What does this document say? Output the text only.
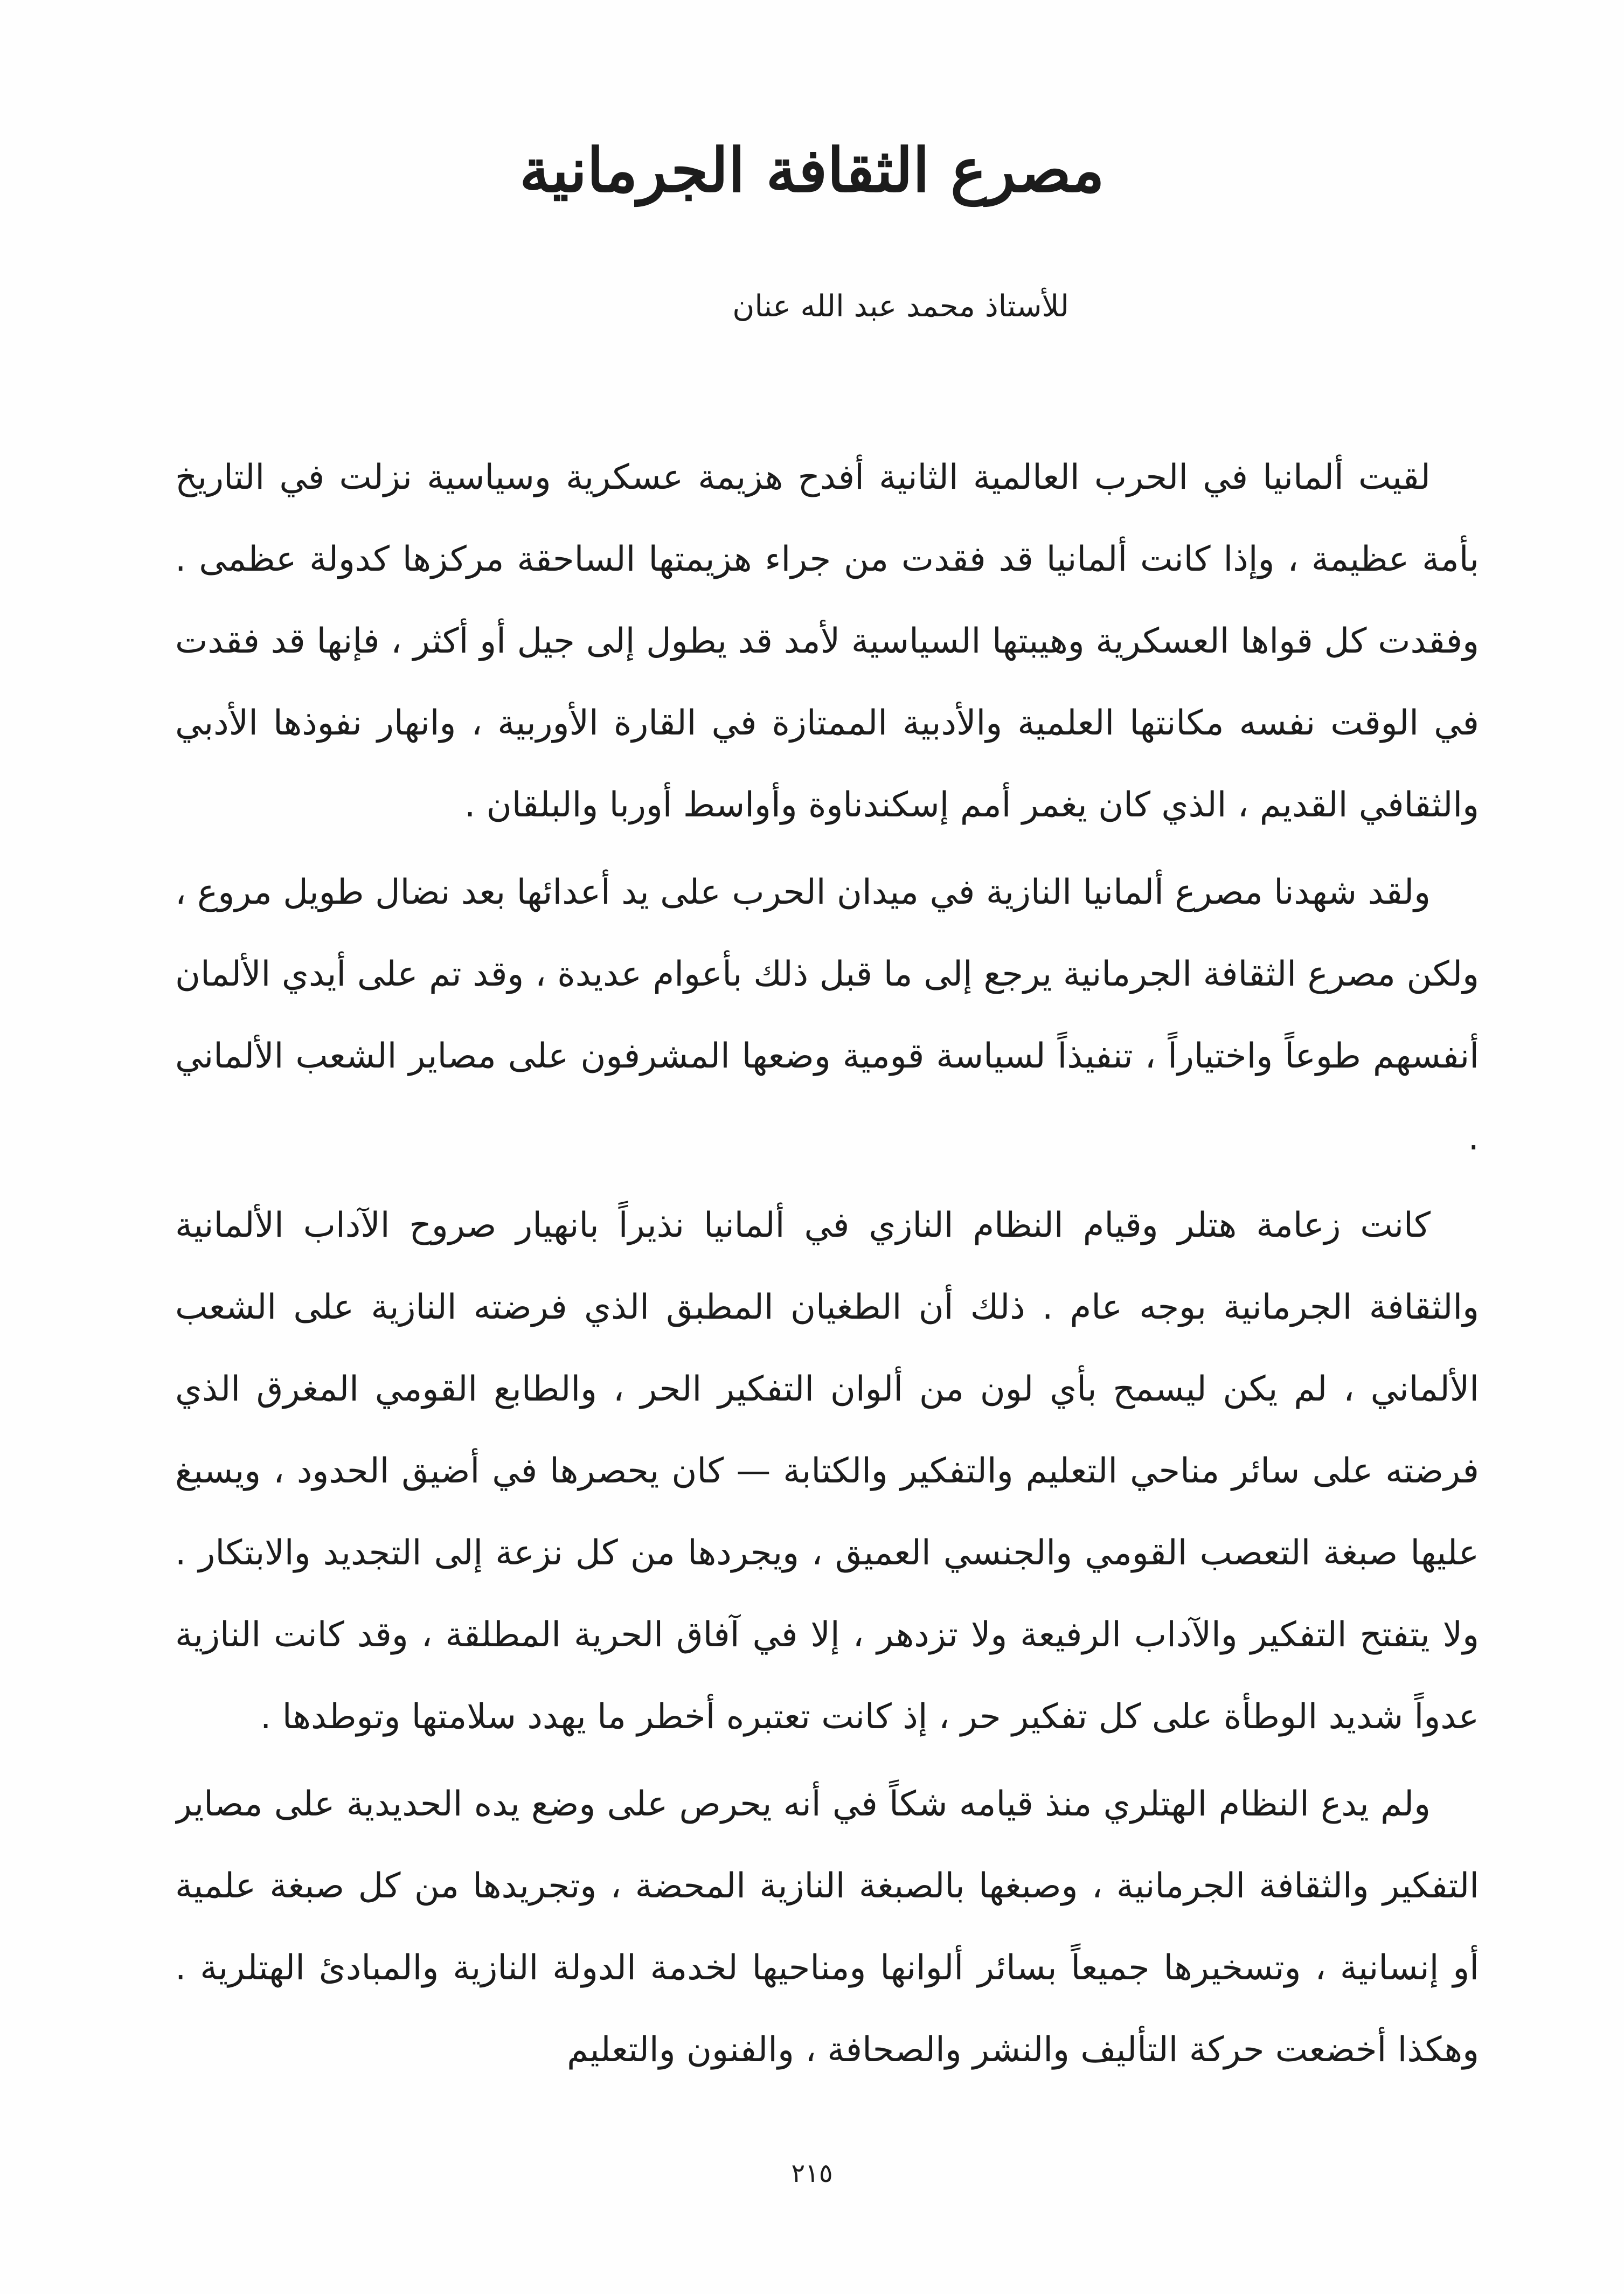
مصرع الثقافة الجرمانية

للأستاذ محمد عبد الله عنان

لقيت ألمانيا في الحرب العالمية الثانية أفدح هزيمة عسكرية وسياسية نزلت في التاريخ بأمة عظيمة ، وإذا كانت ألمانيا قد فقدت من جراء هزيمتها الساحقة مركزها كدولة عظمى . وفقدت كل قواها العسكرية وهيبتها السياسية لأمد قد يطول إلى جيل أو أكثر ، فإنها قد فقدت في الوقت نفسه مكانتها العلمية والأدبية الممتازة في القارة الأوربية ، وانهار نفوذها الأدبي والثقافي القديم ، الذي كان يغمر أمم إسكندناوة وأواسط أوربا والبلقان .

ولقد شهدنا مصرع ألمانيا النازية في ميدان الحرب على يد أعدائها بعد نضال طويل مروع ، ولكن مصرع الثقافة الجرمانية يرجع إلى ما قبل ذلك بأعوام عديدة ، وقد تم على أيدي الألمان أنفسهم طوعاً واختياراً ، تنفيذاً لسياسة قومية وضعها المشرفون على مصاير الشعب الألماني .

كانت زعامة هتلر وقيام النظام النازي في ألمانيا نذيراً بانهيار صروح الآداب الألمانية والثقافة الجرمانية بوجه عام . ذلك أن الطغيان المطبق الذي فرضته النازية على الشعب الألماني ، لم يكن ليسمح بأي لون من ألوان التفكير الحر ، والطابع القومي المغرق الذي فرضته على سائر مناحي التعليم والتفكير والكتابة — كان يحصرها في أضيق الحدود ، ويسبغ عليها صبغة التعصب القومي والجنسي العميق ، ويجردها من كل نزعة إلى التجديد والابتكار . ولا يتفتح التفكير والآداب الرفيعة ولا تزدهر ، إلا في آفاق الحرية المطلقة ، وقد كانت النازية عدواً شديد الوطأة على كل تفكير حر ، إذ كانت تعتبره أخطر ما يهدد سلامتها وتوطدها .

ولم يدع النظام الهتلري منذ قيامه شكاً في أنه يحرص على وضع يده الحديدية على مصاير التفكير والثقافة الجرمانية ، وصبغها بالصبغة النازية المحضة ، وتجريدها من كل صبغة علمية أو إنسانية ، وتسخيرها جميعاً بسائر ألوانها ومناحيها لخدمة الدولة النازية والمبادئ الهتلرية . وهكذا أخضعت حركة التأليف والنشر والصحافة ، والفنون والتعليم

٢١٥
